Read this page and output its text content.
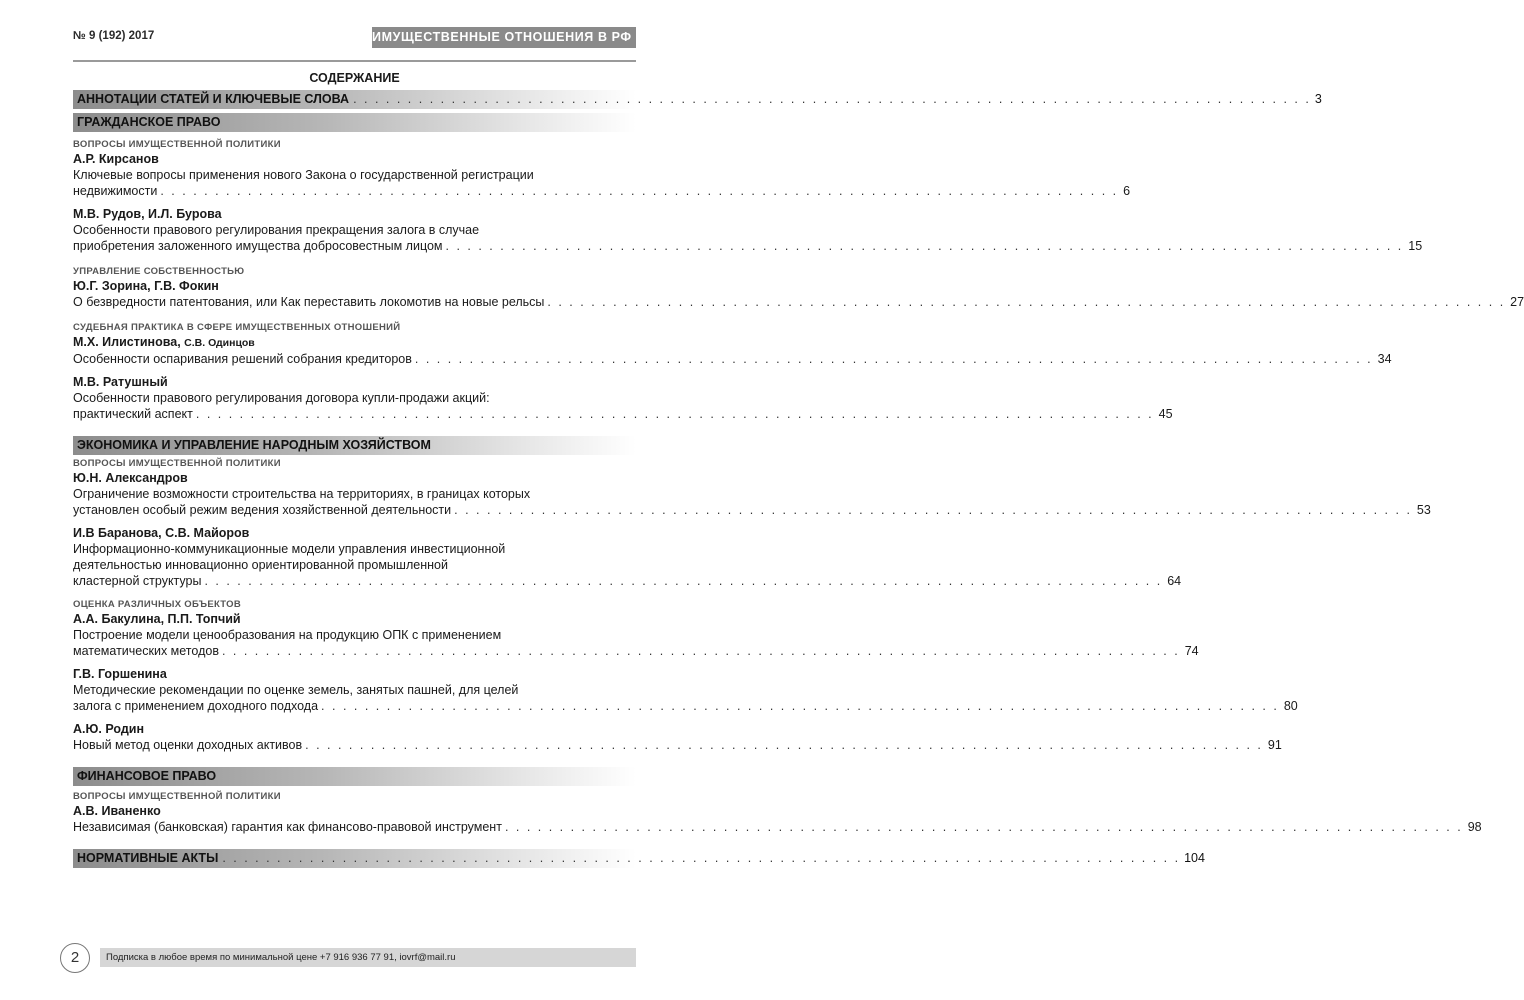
№ 9 (192) 2017	ИМУЩЕСТВЕННЫЕ ОТНОШЕНИЯ В РФ
СОДЕРЖАНИЕ
АННОТАЦИИ СТАТЕЙ И КЛЮЧЕВЫЕ СЛОВА . . . . . . . . . . . . . . . . . . . . . . . . . . . . . . . . . . . . . . . . . . . . . . . . . . . . . . . . . . . . . . . . . . . . . . . . . . . . . . . . . . . . . . . . 3
ГРАЖДАНСКОЕ ПРАВО
ВОПРОСЫ ИМУЩЕСТВЕННОЙ ПОЛИТИКИ
А.Р. Кирсанов
Ключевые вопросы применения нового Закона о государственной регистрации
недвижимости . . . . . . . . . . . . . . . . . . . . . . . . . . . . . . . . . . . . . . . . . . . . . . . . . . . . . . . . . . . . . . . . . . . . . . . . . . . . . . . . . . . . . . . . 6
М.В. Рудов, И.Л. Бурова
Особенности правового регулирования прекращения залога в случае
приобретения заложенного имущества добросовестным лицом . . . . . . . . . . . . . . . . . . . . . . . . . . . . . . . . . . . . . . . . . . . . . . . . . . . . . . . . . . . . . . . . . . . . . . . . . . . . . . . . . . . . . . . . 15
УПРАВЛЕНИЕ СОБСТВЕННОСТЬЮ
Ю.Г. Зорина, Г.В. Фокин
О безвредности патентования, или Как переставить локомотив на новые рельсы . . . . . . . . . . . . . . . . . . . . . . . . . . . . . . . . . . . . . . . . . . . . . . . . . . . . . . . . . . . . . . . . . . . . . . . . . . . . . . . . . . . . . . . . 27
СУДЕБНАЯ ПРАКТИКА В СФЕРЕ ИМУЩЕСТВЕННЫХ ОТНОШЕНИЙ
М.Х. Илистинова, С.В. Одинцов
Особенности оспаривания решений собрания кредиторов . . . . . . . . . . . . . . . . . . . . . . . . . . . . . . . . . . . . . . . . . . . . . . . . . . . . . . . . . . . . . . . . . . . . . . . . . . . . . . . . . . . . . . . . 34
М.В. Ратушный
Особенности правового регулирования договора купли-продажи акций:
практический аспект . . . . . . . . . . . . . . . . . . . . . . . . . . . . . . . . . . . . . . . . . . . . . . . . . . . . . . . . . . . . . . . . . . . . . . . . . . . . . . . . . . . . . . . . 45
ЭКОНОМИКА И УПРАВЛЕНИЕ НАРОДНЫМ ХОЗЯЙСТВОМ
ВОПРОСЫ ИМУЩЕСТВЕННОЙ ПОЛИТИКИ
Ю.Н. Александров
Ограничение возможности строительства на территориях, в границах которых
установлен особый режим ведения хозяйственной деятельности . . . . . . . . . . . . . . . . . . . . . . . . . . . . . . . . . . . . . . . . . . . . . . . . . . . . . . . . . . . . . . . . . . . . . . . . . . . . . . . . . . . . . . . . 53
И.В Баранова, С.В. Майоров
Информационно-коммуникационные модели управления инвестиционной
деятельностью инновационно ориентированной промышленной
кластерной структуры . . . . . . . . . . . . . . . . . . . . . . . . . . . . . . . . . . . . . . . . . . . . . . . . . . . . . . . . . . . . . . . . . . . . . . . . . . . . . . . . . . . . . . . . 64
ОЦЕНКА РАЗЛИЧНЫХ ОБЪЕКТОВ
А.А. Бакулина, П.П. Топчий
Построение модели ценообразования на продукцию ОПК с применением
математических методов . . . . . . . . . . . . . . . . . . . . . . . . . . . . . . . . . . . . . . . . . . . . . . . . . . . . . . . . . . . . . . . . . . . . . . . . . . . . . . . . . . . . . . . . 74
Г.В. Горшенина
Методические рекомендации по оценке земель, занятых пашней, для целей
залога с применением доходного подхода . . . . . . . . . . . . . . . . . . . . . . . . . . . . . . . . . . . . . . . . . . . . . . . . . . . . . . . . . . . . . . . . . . . . . . . . . . . . . . . . . . . . . . . . 80
А.Ю. Родин
Новый метод оценки доходных активов . . . . . . . . . . . . . . . . . . . . . . . . . . . . . . . . . . . . . . . . . . . . . . . . . . . . . . . . . . . . . . . . . . . . . . . . . . . . . . . . . . . . . . . . 91
ФИНАНСОВОЕ ПРАВО
ВОПРОСЫ ИМУЩЕСТВЕННОЙ ПОЛИТИКИ
А.В. Иваненко
Независимая (банковская) гарантия как финансово-правовой инструмент . . . . . . . . . . . . . . . . . . . . . . . . . . . . . . . . . . . . . . . . . . . . . . . . . . . . . . . . . . . . . . . . . . . . . . . . . . . . . . . . . . . . . . . . 98
НОРМАТИВНЫЕ АКТЫ . . . . . . . . . . . . . . . . . . . . . . . . . . . . . . . . . . . . . . . . . . . . . . . . . . . . . . . . . . . . . . . . . . . . . . . . . . . . . . . . . . . . . . . . 104
2	Подписка в любое время по минимальной цене +7 916 936 77 91, iovrf@mail.ru
